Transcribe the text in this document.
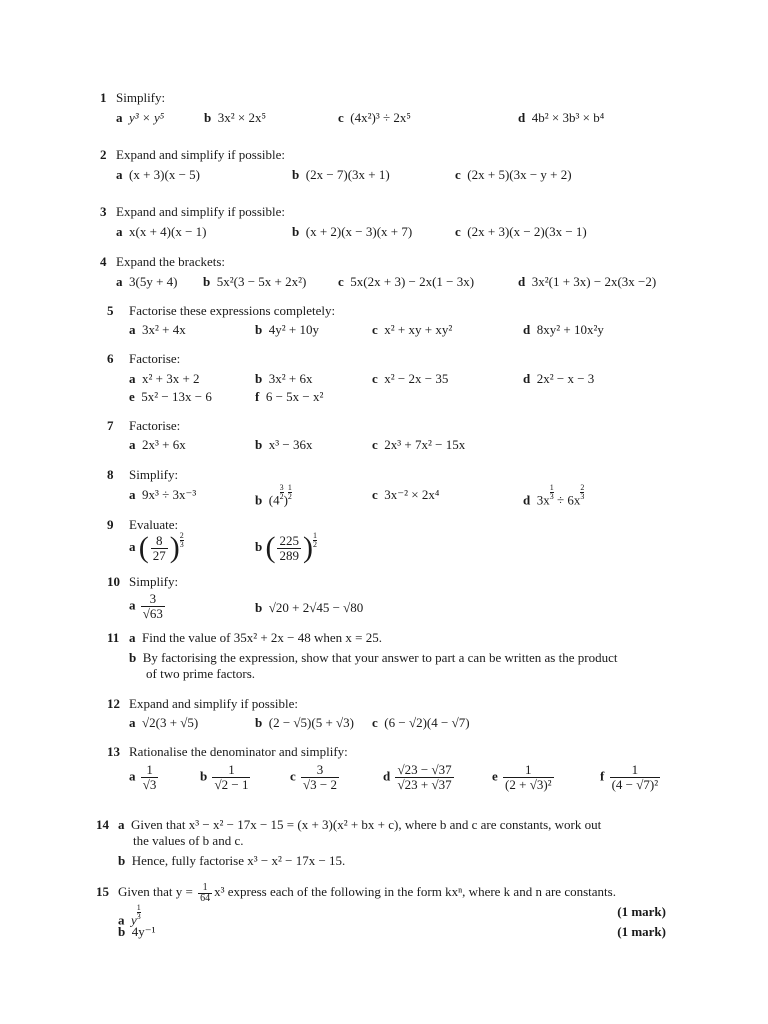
1 Simplify:
a y³ × y⁵	b 3x² × 2x⁵	c (4x²)³ ÷ 2x⁵	d 4b² × 3b³ × b⁴
2 Expand and simplify if possible:
a (x + 3)(x − 5)	b (2x − 7)(3x + 1)	c (2x + 5)(3x − y + 2)
3 Expand and simplify if possible:
a x(x + 4)(x − 1)	b (x + 2)(x − 3)(x + 7)	c (2x + 3)(x − 2)(3x − 1)
4 Expand the brackets:
a 3(5y + 4) b 5x²(3 − 5x + 2x²) c 5x(2x + 3) − 2x(1 − 3x)	d 3x²(1 + 3x) − 2x(3x −2)
5 Factorise these expressions completely:
a 3x² + 4x	b 4y² + 10y	c x² + xy + xy²	d 8xy² + 10x²y
6 Factorise:
a x² + 3x + 2	b 3x² + 6x	c x² − 2x − 35	d 2x² − x − 3
e 5x² − 13x − 6	f 6 − 5x − x²
7 Factorise:
a 2x³ + 6x	b x³ − 36x	c 2x³ + 7x² − 15x
8 Simplify:
a 9x³ ÷ 3x⁻³	b ($4 \frac{3}{2}$ ) $\frac{1}{2}$	c 3x⁻² × 2x⁴	d $3x \frac{1}{3} \div 6x \frac{2}{3}$
9 Evaluate:
a ( $\frac{8}{27}$ ) $\frac{2}{3}$	b ( $\frac{225}{289}$ ) $\frac{1}{2}$
10 Simplify:
a $\frac{3}{√63}$	b √20 + 2√45 − √80
11 a Find the value of 35x² + 2x − 48 when x = 25.
b By factorising the expression, show that your answer to part a can be written as the product
of two prime factors.
12 Expand and simplify if possible:
a √2(3 + √5)	b (2 − √5)(5 + √3) c (6 − √2)(4 − √7)
13 Rationalise the denominator and simplify:
a $\frac{1}{√3}$	b $\frac{1}{√2 - 1}$	c $\frac{3}{√3 - 2}$	d $\frac{√23 - √37}{√23 + √37}$	e $\frac{1}{\text{(2 + √3)²}}$	f $\frac{1}{\text{(4 − √7)²}}$
14 a Given that x³ − x² − 17x − 15 = (x + 3)(x² + bx + c), where b and c are constants, work out
the values of b and c.
b Hence, fully factorise x³ − x² − 17x − 15.
15 Given that $y = \frac{1}{64} x^3$ express each of the following in the form kxⁿ, where k and n are constants.
a y $\frac{1}{3}$	(1 mark)
b 4y⁻¹	(1 mark)
